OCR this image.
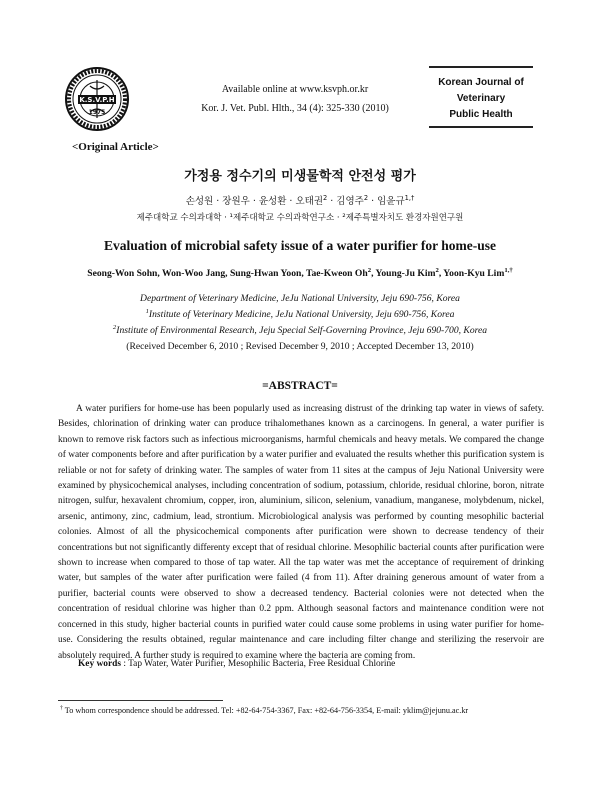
K.S.V.P.H
1975
Available online at www.ksvph.or.kr
Kor. J. Vet. Publ. Hlth., 34 (4): 325-330 (2010)
Korean Journal of
Veterinary
Public Health
<Original Article>
가정용 정수기의 미생물학적 안전성 평가
손성원 · 장원우 · 윤성환 · 오태권$^2$ · 김영주$^2$ · 임윤규$^{1,\dagger}$
제주대학교 수의과대학 · ¹제주대학교 수의과학연구소 · ²제주특별자치도 환경자원연구원
Evaluation of microbial safety issue of a water purifier for home-use
Seong-Won Sohn, Won-Woo Jang, Sung-Hwan Yoon, Tae-Kweon Oh$^2$, Young-Ju Kim$^2$, Yoon-Kyu Lim$^{1,\dagger}$
Department of Veterinary Medicine, JeJu National University, Jeju 690-756, Korea
$^1$Institute of Veterinary Medicine, JeJu National University, Jeju 690-756, Korea
$^2$Institute of Environmental Research, Jeju Special Self-Governing Province, Jeju 690-700, Korea
(Received December 6, 2010 ; Revised December 9, 2010 ; Accepted December 13, 2010)
=ABSTRACT=
A water purifiers for home-use has been popularly used as increasing distrust of the drinking tap water in views of safety. Besides, chlorination of drinking water can produce trihalomethanes known as a carcinogens. In general, a water purifier is known to remove risk factors such as infectious microorganisms, harmful chemicals and heavy metals. We compared the change of water components before and after purification by a water purifier and evaluated the results whether this purification system is reliable or not for safety of drinking water. The samples of water from 11 sites at the campus of Jeju National University were examined by physicochemical analyses, including concentration of sodium, potassium, chloride, residual chlorine, boron, nitrate nitrogen, sulfur, hexavalent chromium, copper, iron, aluminium, silicon, selenium, vanadium, manganese, molybdenum, nickel, arsenic, antimony, zinc, cadmium, lead, strontium. Microbiological analysis was performed by counting mesophilic bacterial colonies. Almost of all the physicochemical components after purification were shown to decrease tendency of their concentrations but not significantly differenty except that of residual chlorine. Mesophilic bacterial counts after purification were shown to increase when compared to those of tap water. All the tap water was met the acceptance of requirement of drinking water, but samples of the water after purification were failed (4 from 11). After draining generous amount of water from a purifier, bacterial counts were observed to show a decreased tendency. Bacterial colonies were not detected when the concentration of residual chlorine was higher than 0.2 ppm. Although seasonal factors and maintenance condition were not concerned in this study, higher bacterial counts in purified water could cause some problems in using water purifier for home-use. Considering the results obtained, regular maintenance and care including filter change and sterilizing the reservoir are absolutely required. A further study is required to examine where the bacteria are coming from.
Key words : Tap Water, Water Purifier, Mesophilic Bacteria, Free Residual Chlorine
† To whom correspondence should be addressed. Tel: +82-64-754-3367, Fax: +82-64-756-3354, E-mail: yklim@jejunu.ac.kr
